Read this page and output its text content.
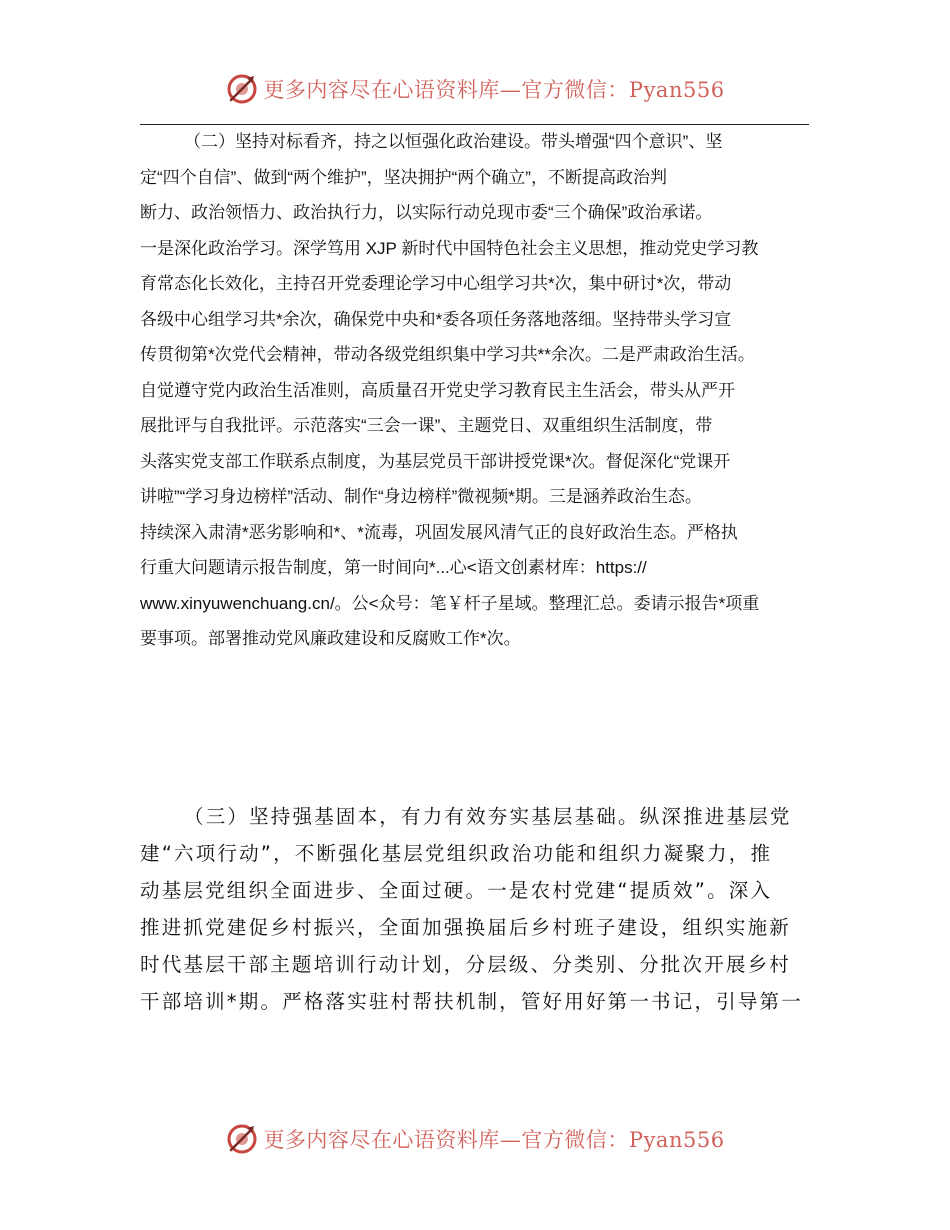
更多内容尽在心语资料库—官方微信：Pyan556
（二）坚持对标看齐，持之以恒强化政治建设。带头增强“四个意识”、坚
定“四个自信”、做到“两个维护”，坚决拥护“两个确立”，不断提高政治判
断力、政治领悟力、政治执行力，以实际行动兑现市委“三个确保”政治承诺。
一是深化政治学习。深学笃用 XJP 新时代中国特色社会主义思想，推动党史学习教
育常态化长效化，主持召开党委理论学习中心组学习共*次，集中研讨*次，带动
各级中心组学习共*余次，确保党中央和*委各项任务落地落细。坚持带头学习宣
传贯彻第*次党代会精神，带动各级党组织集中学习共**余次。二是严肃政治生活。
自觉遵守党内政治生活准则，高质量召开党史学习教育民主生活会，带头从严开
展批评与自我批评。示范落实“三会一课”、主题党日、双重组织生活制度，带
头落实党支部工作联系点制度，为基层党员干部讲授党课*次。督促深化“党课开
讲啦”“学习身边榜样”活动、制作“身边榜样”微视频*期。三是涵养政治生态。
持续深入肃清*恶劣影响和*、*流毒，巩固发展风清气正的良好政治生态。严格执
行重大问题请示报告制度，第一时间向*...心<语文创素材库：https://
www.xinyuwenchuang.cn/。公<众号：笔￥杆子星域。整理汇总。委请示报告*项重
要事项。部署推动党风廉政建设和反腐败工作*次。
（三）坚持强基固本，有力有效夯实基层基础。纵深推进基层党
建“六项行动”，不断强化基层党组织政治功能和组织力凝聚力，推
动基层党组织全面进步、全面过硬。一是农村党建“提质效”。深入
推进抓党建促乡村振兴，全面加强换届后乡村班子建设，组织实施新
时代基层干部主题培训行动计划，分层级、分类别、分批次开展乡村
干部培训*期。严格落实驻村帮扶机制，管好用好第一书记，引导第一
更多内容尽在心语资料库—官方微信：Pyan556
